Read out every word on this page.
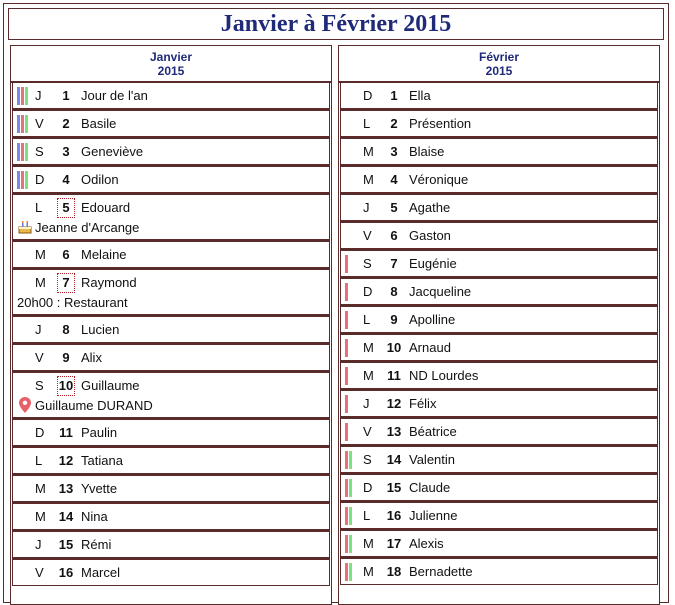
Janvier à Février 2015
Janvier
2015
J	1 Jour de l'an
V	2 Basile
S	3 Geneviève
D	4 Odilon
L	5 Edouard
Jeanne d'Arcange
M	6 Melaine
M	7 Raymond
20h00 : Restaurant
J	8 Lucien
V	9 Alix
S	10 Guillaume
Guillaume DURAND
D	11 Paulin
L	12 Tatiana
M 13 Yvette
M 14 Nina
J	15 Rémi
V	16 Marcel
Février
2015
D	1 Ella
L	2 Présention
M	3 Blaise
M	4 Véronique
J	5 Agathe
V	6 Gaston
S	7 Eugénie
D	8 Jacqueline
L	9 Apolline
M 10 Arnaud
M	11 ND Lourdes
J	12 Félix
V	13 Béatrice
S	14 Valentin
D	15 Claude
L	16 Julienne
M 17 Alexis
M 18 Bernadette
